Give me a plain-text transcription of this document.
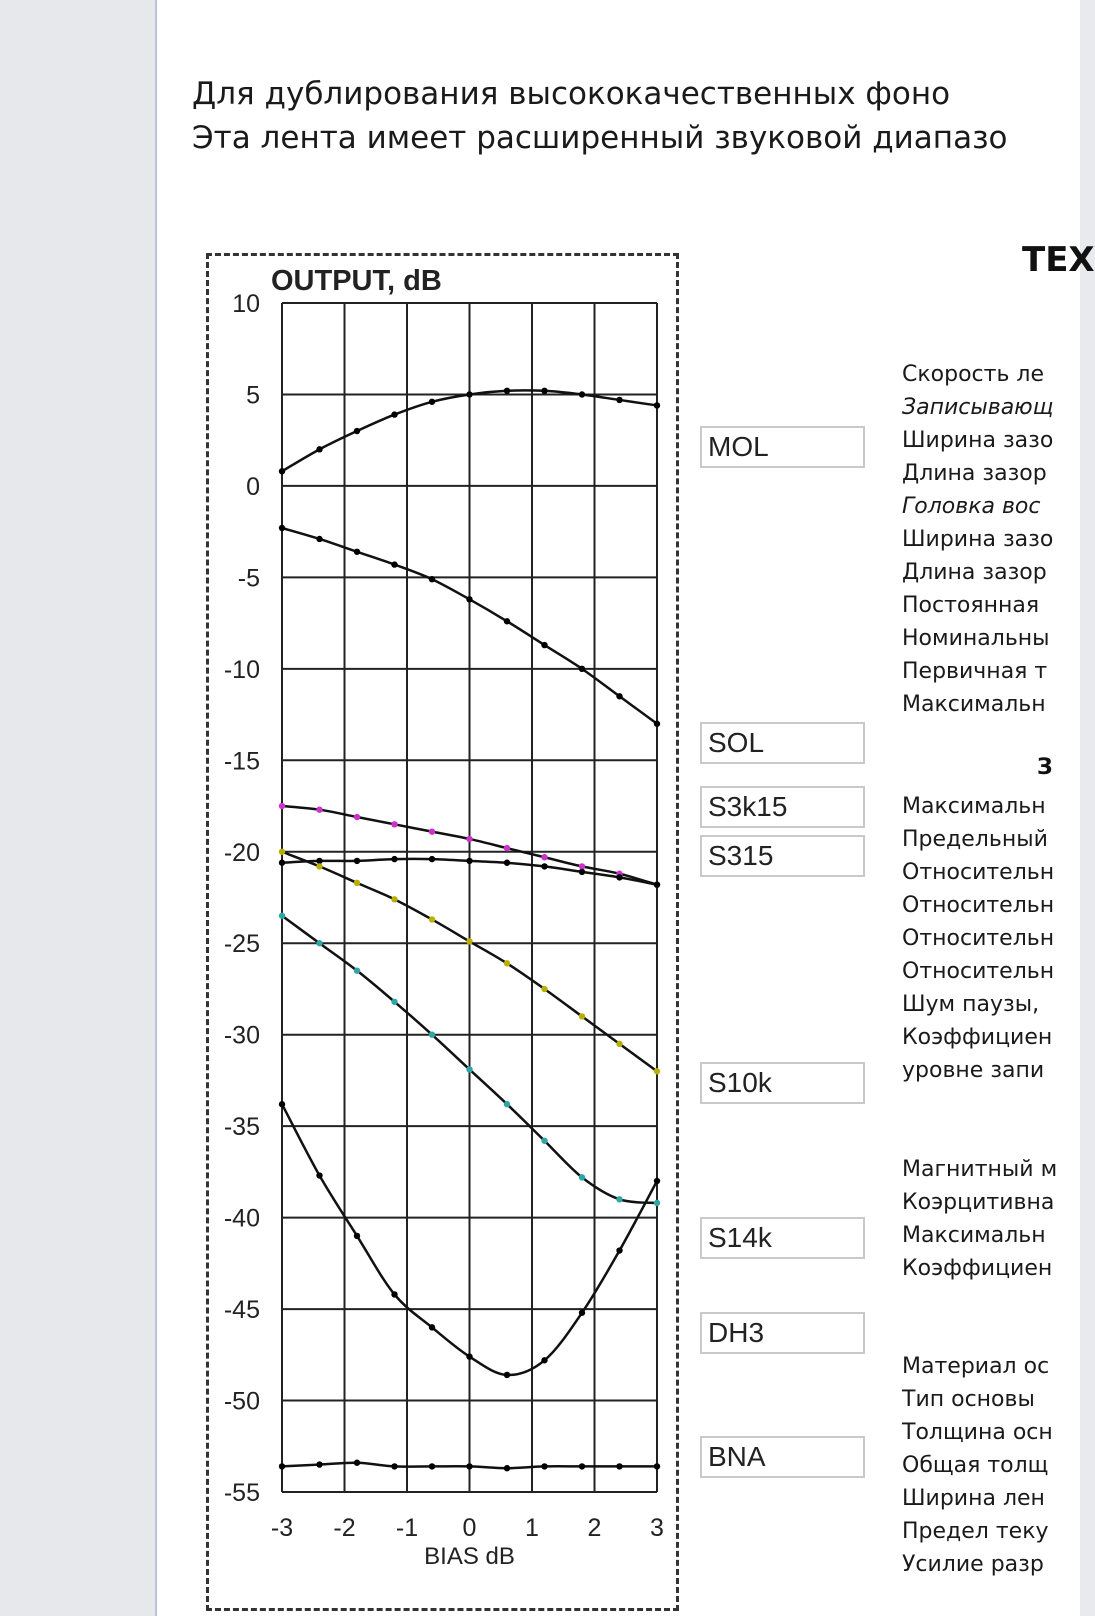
Для дублирования высококачественных фоно
Эта лента имеет расширенный звуковой диапазо
10
5
0
-5
-10
-15
-20
-25
-30
-35
-40
-45
-50
-55
-3 -2 -1 0 1 2 3
OUTPUT, dB
BIAS dB
MOL
SOL
S3k15
S315
S10k
S14k
DH3
BNA
ТЕХ
З
Скорость ле
Записывающ
Ширина зазо
Длина зазор
Головка вос
Ширина зазо
Длина зазор
Постоянная
Номинальны
Первичная т
Максимальн
Максимальн
Предельный
Относительн
Относительн
Относительн
Относительн
Шум паузы,
Коэффициен
уровне запи
Магнитный м
Коэрцитивна
Максимальн
Коэффициен
Материал ос
Тип основы
Толщина осн
Общая толщ
Ширина лен
Предел теку
Усилие разр
